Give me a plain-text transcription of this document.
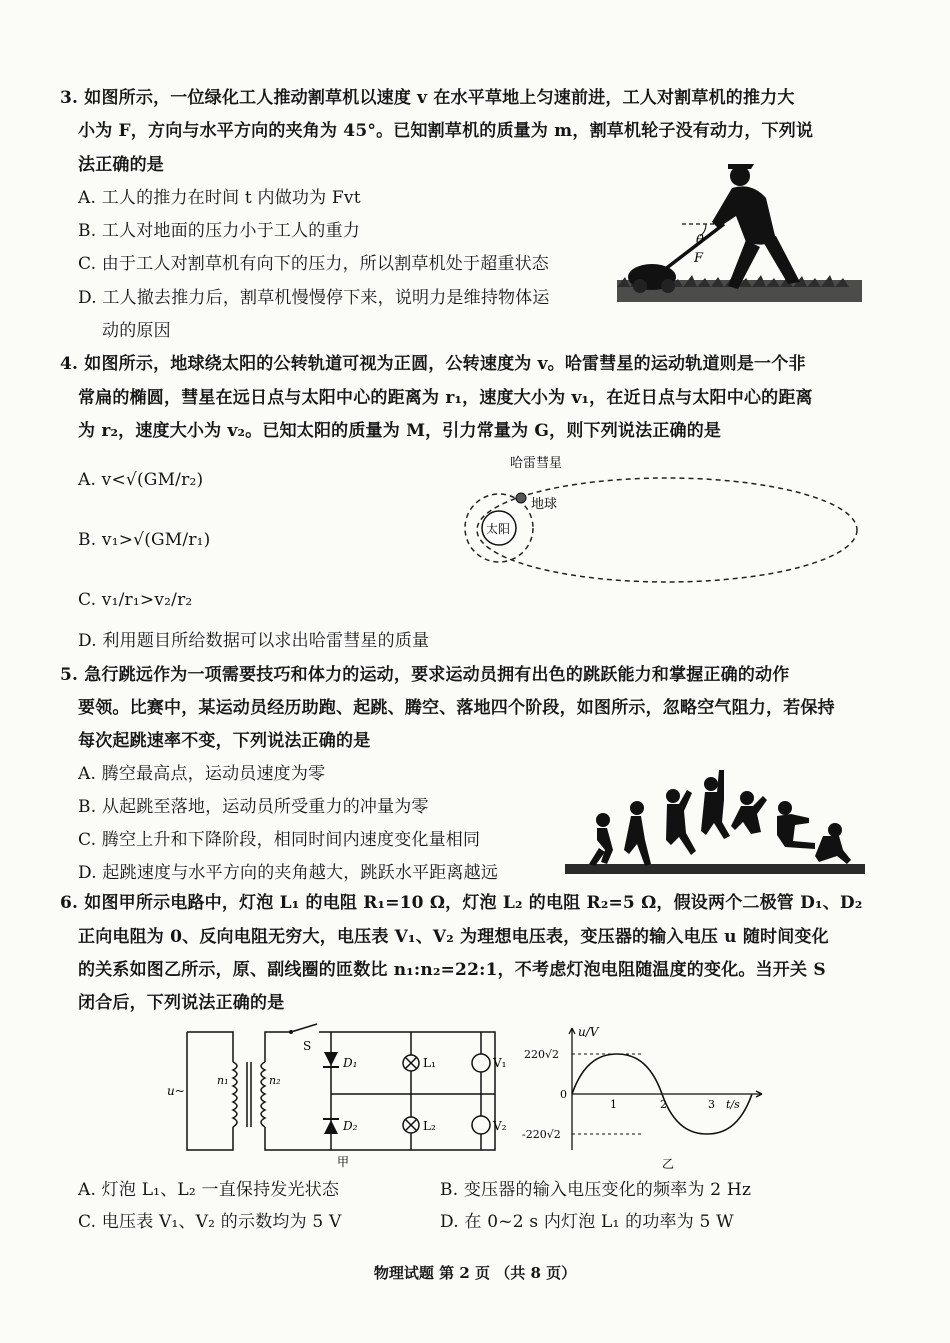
3. 如图所示，一位绿化工人推动割草机以速度 v 在水平草地上匀速前进，工人对割草机的推力大
小为 F，方向与水平方向的夹角为 45°。已知割草机的质量为 m，割草机轮子没有动力，下列说
法正确的是
A. 工人的推力在时间 t 内做功为 Fvt
B. 工人对地面的压力小于工人的重力
C. 由于工人对割草机有向下的压力，所以割草机处于超重状态
D. 工人撤去推力后，割草机慢慢停下来，说明力是维持物体运
动的原因
θ
F
4. 如图所示，地球绕太阳的公转轨道可视为正圆，公转速度为 v。哈雷彗星的运动轨道则是一个非
常扁的椭圆，彗星在远日点与太阳中心的距离为 r₁，速度大小为 v₁，在近日点与太阳中心的距离
为 r₂，速度大小为 v₂。已知太阳的质量为 M，引力常量为 G，则下列说法正确的是
A. v<√(GM/r₂)
B. v₁>√(GM/r₁)
C. v₁/r₁>v₂/r₂
D. 利用题目所给数据可以求出哈雷彗星的质量
太阳
地球
哈雷彗星
5. 急行跳远作为一项需要技巧和体力的运动，要求运动员拥有出色的跳跃能力和掌握正确的动作
要领。比赛中，某运动员经历助跑、起跳、腾空、落地四个阶段，如图所示，忽略空气阻力，若保持
每次起跳速率不变，下列说法正确的是
A. 腾空最高点，运动员速度为零
B. 从起跳至落地，运动员所受重力的冲量为零
C. 腾空上升和下降阶段，相同时间内速度变化量相同
D. 起跳速度与水平方向的夹角越大，跳跃水平距离越远
6. 如图甲所示电路中，灯泡 L₁ 的电阻 R₁=10 Ω，灯泡 L₂ 的电阻 R₂=5 Ω，假设两个二极管 D₁、D₂
正向电阻为 0、反向电阻无穷大，电压表 V₁、V₂ 为理想电压表，变压器的输入电压 u 随时间变化
的关系如图乙所示，原、副线圈的匝数比 n₁:n₂=22:1，不考虑灯泡电阻随温度的变化。当开关 S
闭合后，下列说法正确的是
u~
n₁	n₂
S
D₁
D₂
L₁
L₂
V₁
V₂
甲
u/V
220√2
-220√2
0
1	2	3 t/s
乙
A. 灯泡 L₁、L₂ 一直保持发光状态	B. 变压器的输入电压变化的频率为 2 Hz
C. 电压表 V₁、V₂ 的示数均为 5 V	D. 在 0~2 s 内灯泡 L₁ 的功率为 5 W
物理试题 第 2 页 （共 8 页）
